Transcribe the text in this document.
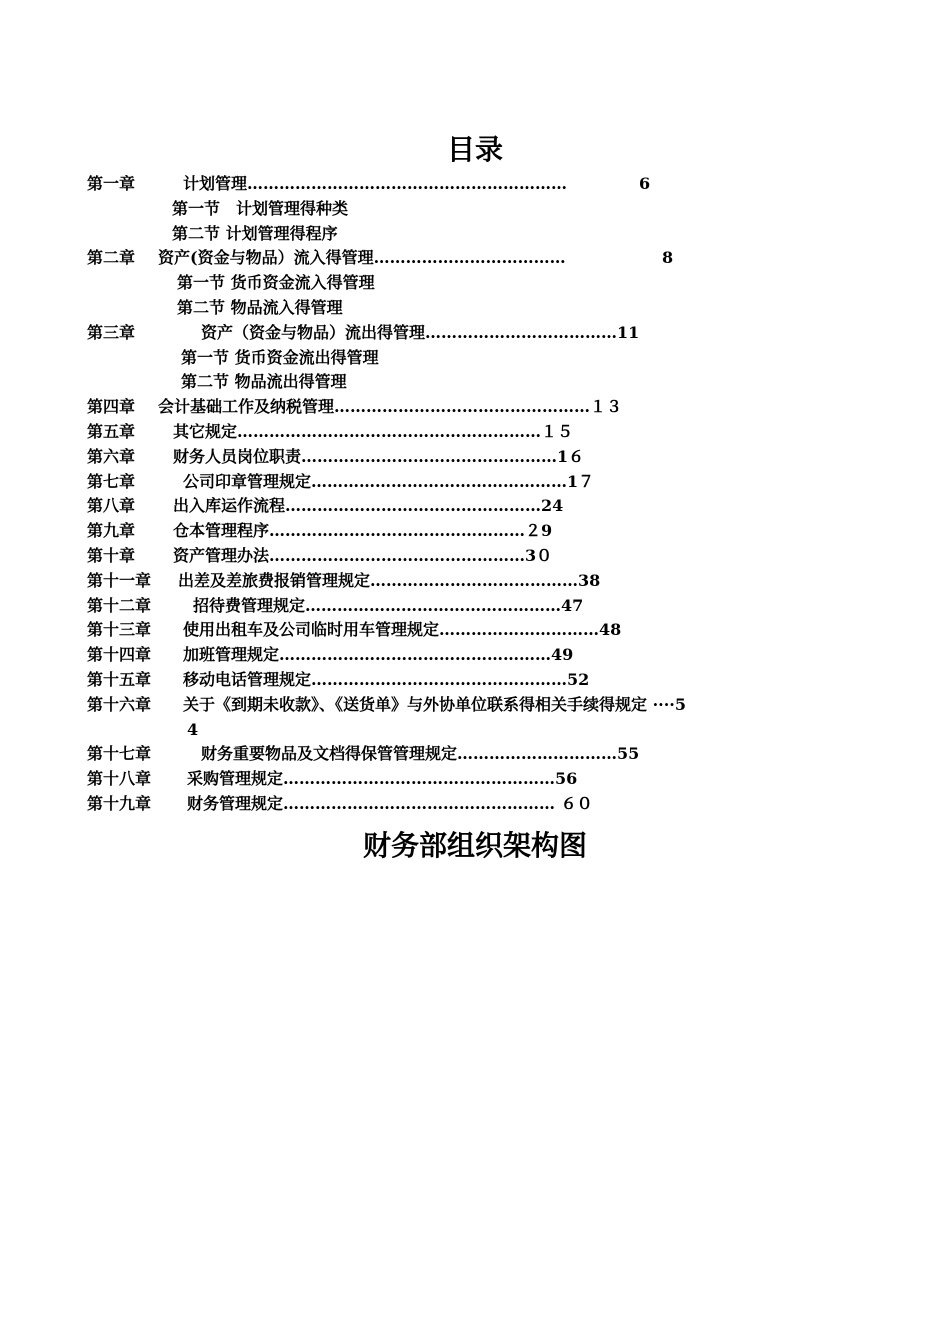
目录
第一章	计划管理……………………………………………………	6
第一节　计划管理得种类
第二节 计划管理得程序
第二章 资产(资金与物品）流入得管理………………………………	8
第一节 货币资金流入得管理
第二节 物品流入得管理
第三章	资产（资金与物品）流出得管理………………………………11
第一节 货币资金流出得管理
第二节 物品流出得管理
第四章 会计基础工作及纳税管理…………………………………………１３
第五章 其它规定…………………………………………………１５
第六章 财务人员岗位职责…………………………………………1６
第七章	公司印章管理规定…………………………………………1７
第八章 出入库运作流程…………………………………………24
第九章 仓本管理程序…………………………………………２9
第十章 资产管理办法…………………………………………3０
第十一章 出差及差旅费报销管理规定…………………………………38
第十二章	招待费管理规定…………………………………………47
第十三章 使用出租车及公司临时用车管理规定…………………………48
第十四章 加班管理规定……………………………………………49
第十五章 移动电话管理规定…………………………………………52
第十六章 关于《到期未收款》、《送货单》与外协单位联系得相关手续得规定 ····5
4
第十七章	财务重要物品及文档得保管管理规定…………………………55
第十八章 采购管理规定……………………………………………56
第十九章 财务管理规定…………………………………………… ６０
财务部组织架构图
